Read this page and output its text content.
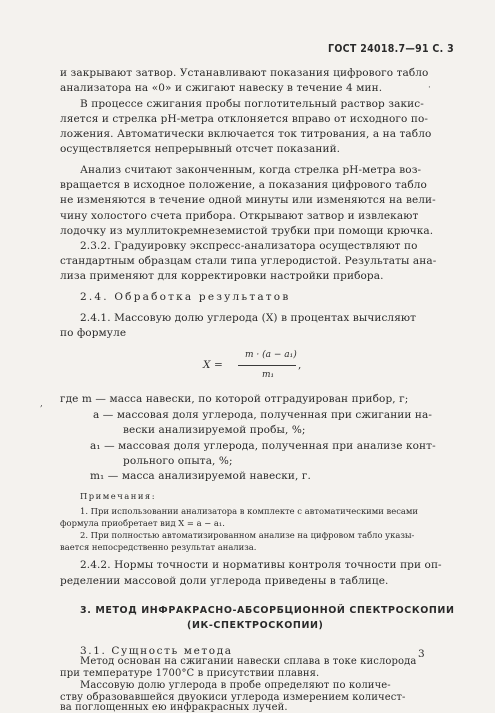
ГОСТ 24018.7—91 С. 3
и закрывают затвор. Устанавливают показания цифрового табло
анализатора на «0» и сжигают навеску в течение 4 мин.
В процессе сжигания пробы поглотительный раствор закис-
ляется и стрелка pH-метра отклоняется вправо от исходного по-
ложения. Автоматически включается ток титрования, а на табло
осуществляется непрерывный отсчет показаний.
Анализ считают законченным, когда стрелка pH-метра воз-
вращается в исходное положение, а показания цифрового табло
не изменяются в течение одной минуты или изменяются на вели-
чину холостого счета прибора. Открывают затвор и извлекают
лодочку из муллитокремнеземистой трубки при помощи крючка.
2.3.2. Градуировку экспресс-анализатора осуществляют по
стандартным образцам стали типа углеродистой. Результаты ана-
лиза применяют для корректировки настройки прибора.
2.4. Обработка результатов
2.4.1. Массовую долю углерода (X) в процентах вычисляют
по формуле
X =
m · (a − a₁)
m₁
,
где m — масса навески, по которой отградуирован прибор, г;
a — массовая доля углерода, полученная при сжигании на-
вески анализируемой пробы, %;
a₁ — массовая доля углерода, полученная при анализе конт-
рольного опыта, %;
m₁ — масса анализируемой навески, г.
Примечания:
1. При использовании анализатора в комплекте с автоматическими весами
формула приобретает вид X = a − a₁.
2. При полностью автоматизированном анализе на цифровом табло указы-
вается непосредственно результат анализа.
2.4.2. Нормы точности и нормативы контроля точности при оп-
ределении массовой доли углерода приведены в таблице.
3. МЕТОД ИНФРАКРАСНО-АБСОРБЦИОННОЙ СПЕКТРОСКОПИИ
(ИК-СПЕКТРОСКОПИИ)
3.1. Сущность метода
Метод основан на сжигании навески сплава в токе кислорода
при температуре 1700°С в присутствии плавня.
Массовую долю углерода в пробе определяют по количе-
ству образовавшейся двуокиси углерода измерением количест-
ва поглощенных ею инфракрасных лучей.
3
·
,
